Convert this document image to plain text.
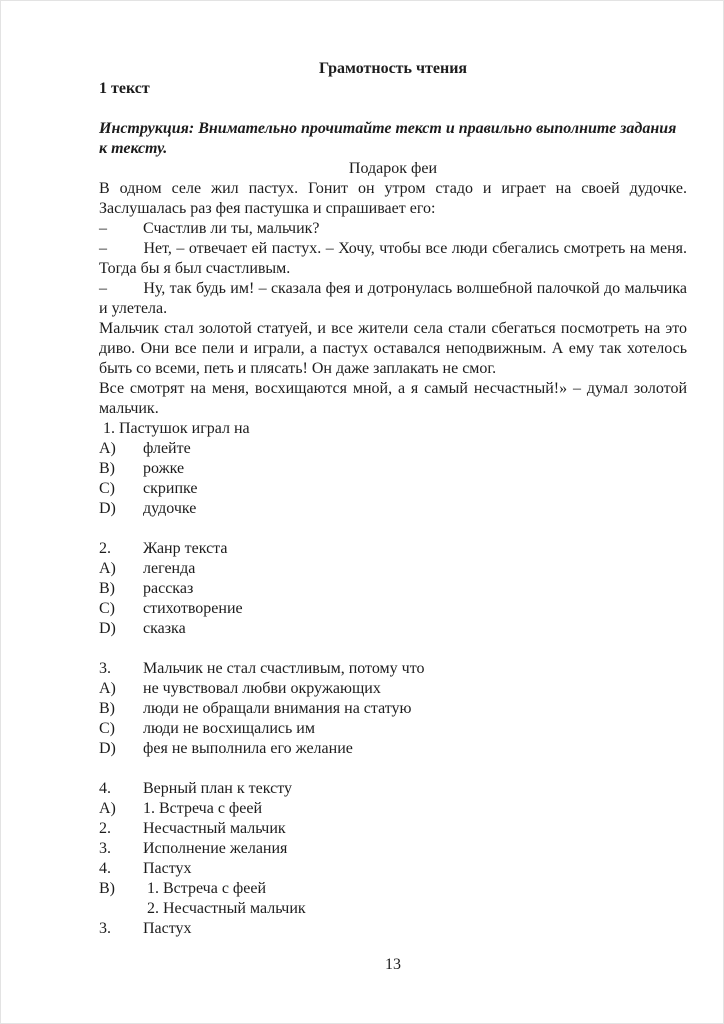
Грамотность чтения
1 текст

Инструкция: Внимательно прочитайте текст и правильно выполните задания к тексту.

Подарок феи

В одном селе жил пастух. Гонит он утром стадо и играет на своей дудочке. Заслушалась раз фея пастушка и спрашивает его:

–	Счастлив ли ты, мальчик?

–	Нет, – отвечает ей пастух. – Хочу, чтобы все люди сбегались смотреть на меня. Тогда бы я был счастливым.

–	Ну, так будь им! – сказала фея и дотронулась волшебной палочкой до мальчика и улетела.

Мальчик стал золотой статуей, и все жители села стали сбегаться посмотреть на это диво. Они все пели и играли, а пастух оставался неподвижным. А ему так хотелось быть со всеми, петь и плясать! Он даже заплакать не смог.

Все смотрят на меня, восхищаются мной, а я самый несчастный!» – думал золотой мальчик.

1. Пастушок играл на
A)	флейте
B)	рожке
C)	скрипке
D)	дудочке
2.	Жанр текста
A)	легенда
B)	рассказ
C)	стихотворение
D)	сказка
3.	Мальчик не стал счастливым, потому что
A)	не чувствовал любви окружающих
B)	люди не обращали внимания на статую
C)	люди не восхищались им
D)	фея не выполнила его желание
4.	Верный план к тексту
A)	1. Встреча с феей
2.	Несчастный мальчик
3.	Исполнение желания
4.	Пастух
B)	1. Встреча с феей
	2. Несчастный мальчик
3.	Пастух
13
